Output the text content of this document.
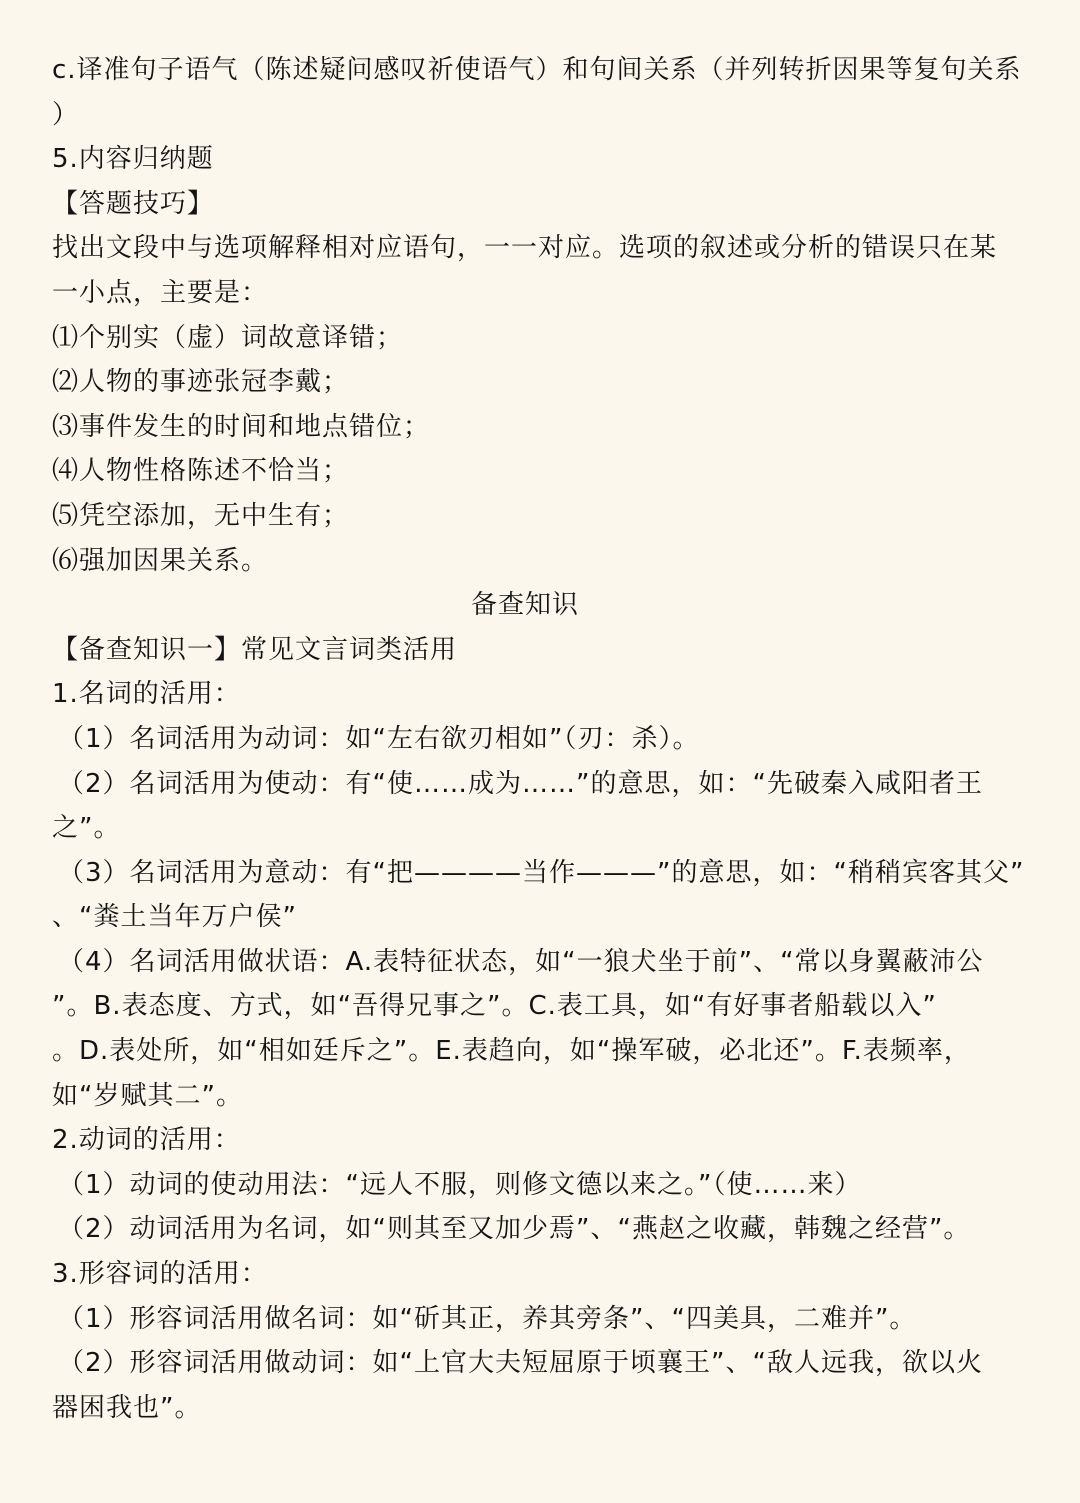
c.译准句子语气（陈述疑问感叹祈使语气）和句间关系（并列转折因果等复句关系
）
5.内容归纳题
【答题技巧】
找出文段中与选项解释相对应语句，一一对应。选项的叙述或分析的错误只在某
一小点，主要是：
⑴个别实（虚）词故意译错；
⑵人物的事迹张冠李戴；
⑶事件发生的时间和地点错位；
⑷人物性格陈述不恰当；
⑸凭空添加，无中生有；
⑹强加因果关系。
备查知识
【备查知识一】常见文言词类活用
1.名词的活用：
（1）名词活用为动词：如“左右欲刃相如”（刃：杀）。
（2）名词活用为使动：有“使……成为……”的意思，如：“先破秦入咸阳者王
之”。
（3）名词活用为意动：有“把————当作———”的意思，如：“稍稍宾客其父”
、“粪土当年万户侯”
（4）名词活用做状语：A.表特征状态，如“一狼犬坐于前”、“常以身翼蔽沛公
”。B.表态度、方式，如“吾得兄事之”。C.表工具，如“有好事者船载以入”
。D.表处所，如“相如廷斥之”。E.表趋向，如“操军破，必北还”。F.表频率，
如“岁赋其二”。
2.动词的活用：
（1）动词的使动用法：“远人不服，则修文德以来之。”（使……来）
（2）动词活用为名词，如“则其至又加少焉”、“燕赵之收藏，韩魏之经营”。
3.形容词的活用：
（1）形容词活用做名词：如“斫其正，养其旁条”、“四美具，二难并”。
（2）形容词活用做动词：如“上官大夫短屈原于顷襄王”、“敌人远我，欲以火
器困我也”。
